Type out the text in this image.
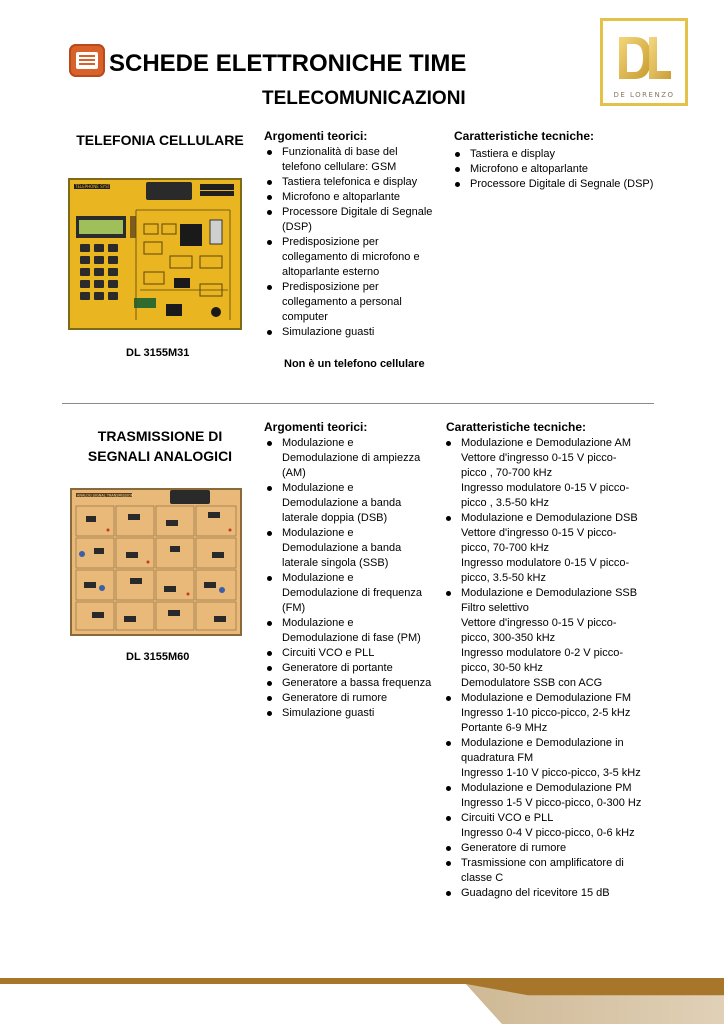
SCHEDE ELETTRONICHE TIME
TELECOMUNICAZIONI	DE LORENZO
TELEFONIA CELLULARE
TELEPHONE SYSTEM
DL 3155M31
Argomenti teorici:
Funzionalità di base del
telefono cellulare: GSM
Tastiera telefonica e display
Microfono e altoparlante
Processore Digitale di Segnale
(DSP)
Predisposizione per
collegamento di microfono e
altoparlante esterno
Predisposizione per
collegamento a personal
computer
Simulazione guasti
Non è un telefono cellulare
Caratteristiche tecniche:
Tastiera e display
Microfono e altoparlante
Processore Digitale di Segnale (DSP)
TRASMISSIONE DI
SEGNALI ANALOGICI
ANALOG SIGNAL TRANSMISSION
DL 3155M60
Argomenti teorici:
Modulazione e
Demodulazione di ampiezza
(AM)
Modulazione e
Demodulazione a banda
laterale doppia (DSB)
Modulazione e
Demodulazione a banda
laterale singola (SSB)
Modulazione e
Demodulazione di frequenza
(FM)
Modulazione e
Demodulazione di fase (PM)
Circuiti VCO e PLL
Generatore di portante
Generatore a bassa frequenza
Generatore di rumore
Simulazione guasti
Caratteristiche tecniche:
Modulazione e Demodulazione AM
Vettore d'ingresso 0-15 V picco-
picco , 70-700 kHz
Ingresso modulatore 0-15 V picco-
picco , 3.5-50 kHz
Modulazione e Demodulazione DSB
Vettore d'ingresso 0-15 V picco-
picco, 70-700 kHz
Ingresso modulatore 0-15 V picco-
picco, 3.5-50 kHz
Modulazione e Demodulazione SSB
Filtro selettivo
Vettore d'ingresso 0-15 V picco-
picco, 300-350 kHz
Ingresso modulatore 0-2 V picco-
picco, 30-50 kHz
Demodulatore SSB con ACG
Modulazione e Demodulazione FM
Ingresso 1-10 picco-picco, 2-5 kHz
Portante 6-9 MHz
Modulazione e Demodulazione in
quadratura FM
Ingresso 1-10 V picco-picco, 3-5 kHz
Modulazione e Demodulazione PM
Ingresso 1-5 V picco-picco, 0-300 Hz
Circuiti VCO e PLL
Ingresso 0-4 V picco-picco, 0-6 kHz
Generatore di rumore
Trasmissione con amplificatore di
classe C
Guadagno del ricevitore 15 dB
